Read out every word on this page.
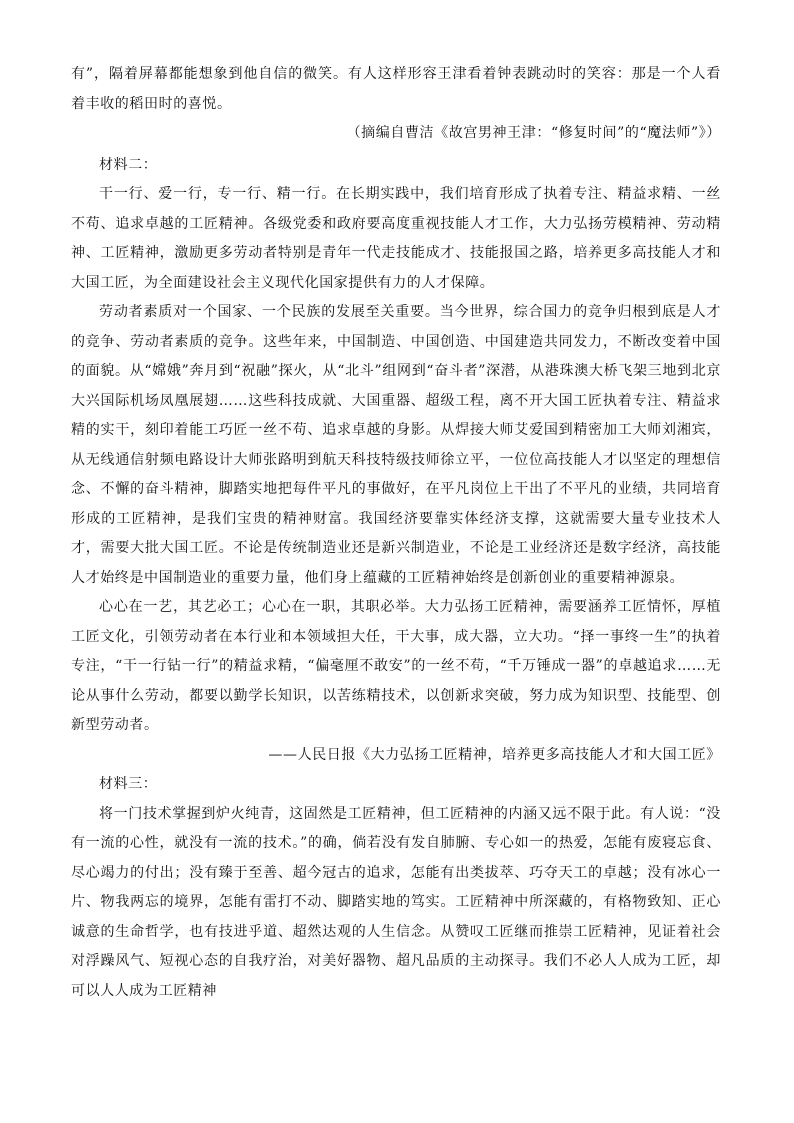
有”，隔着屏幕都能想象到他自信的微笑。有人这样形容王津看着钟表跳动时的笑容：那是一个人看着丰收的稻田时的喜悦。

（摘编自曹洁《故宫男神王津：“修复时间”的“魔法师”》）

材料二：

干一行、爱一行，专一行、精一行。在长期实践中，我们培育形成了执着专注、精益求精、一丝不苟、追求卓越的工匠精神。各级党委和政府要高度重视技能人才工作，大力弘扬劳模精神、劳动精神、工匠精神，激励更多劳动者特别是青年一代走技能成才、技能报国之路，培养更多高技能人才和大国工匠，为全面建设社会主义现代化国家提供有力的人才保障。

劳动者素质对一个国家、一个民族的发展至关重要。当今世界，综合国力的竞争归根到底是人才的竞争、劳动者素质的竞争。这些年来，中国制造、中国创造、中国建造共同发力，不断改变着中国的面貌。从“嫦娥”奔月到“祝融”探火，从“北斗”组网到“奋斗者”深潜，从港珠澳大桥飞架三地到北京大兴国际机场凤凰展翅……这些科技成就、大国重器、超级工程，离不开大国工匠执着专注、精益求精的实干，刻印着能工巧匠一丝不苟、追求卓越的身影。从焊接大师艾爱国到精密加工大师刘湘宾，从无线通信射频电路设计大师张路明到航天科技特级技师徐立平，一位位高技能人才以坚定的理想信念、不懈的奋斗精神，脚踏实地把每件平凡的事做好，在平凡岗位上干出了不平凡的业绩，共同培育形成的工匠精神，是我们宝贵的精神财富。我国经济要靠实体经济支撑，这就需要大量专业技术人才，需要大批大国工匠。不论是传统制造业还是新兴制造业，不论是工业经济还是数字经济，高技能人才始终是中国制造业的重要力量，他们身上蕴藏的工匠精神始终是创新创业的重要精神源泉。

心心在一艺，其艺必工；心心在一职，其职必举。大力弘扬工匠精神，需要涵养工匠情怀，厚植工匠文化，引领劳动者在本行业和本领域担大任，干大事，成大器，立大功。“择一事终一生”的执着专注，“干一行钻一行”的精益求精，“偏毫厘不敢安”的一丝不苟，“千万锤成一器”的卓越追求……无论从事什么劳动，都要以勤学长知识，以苦练精技术，以创新求突破，努力成为知识型、技能型、创新型劳动者。

——人民日报《大力弘扬工匠精神，培养更多高技能人才和大国工匠》

材料三：

将一门技术掌握到炉火纯青，这固然是工匠精神，但工匠精神的内涵又远不限于此。有人说：“没有一流的心性，就没有一流的技术。”的确，倘若没有发自肺腑、专心如一的热爱，怎能有废寝忘食、尽心竭力的付出；没有臻于至善、超今冠古的追求，怎能有出类拔萃、巧夺天工的卓越；没有冰心一片、物我两忘的境界，怎能有雷打不动、脚踏实地的笃实。工匠精神中所深藏的，有格物致知、正心诚意的生命哲学，也有技进乎道、超然达观的人生信念。从赞叹工匠继而推崇工匠精神，见证着社会对浮躁风气、短视心态的自我疗治，对美好器物、超凡品质的主动探寻。我们不必人人成为工匠，却可以人人成为工匠精神
